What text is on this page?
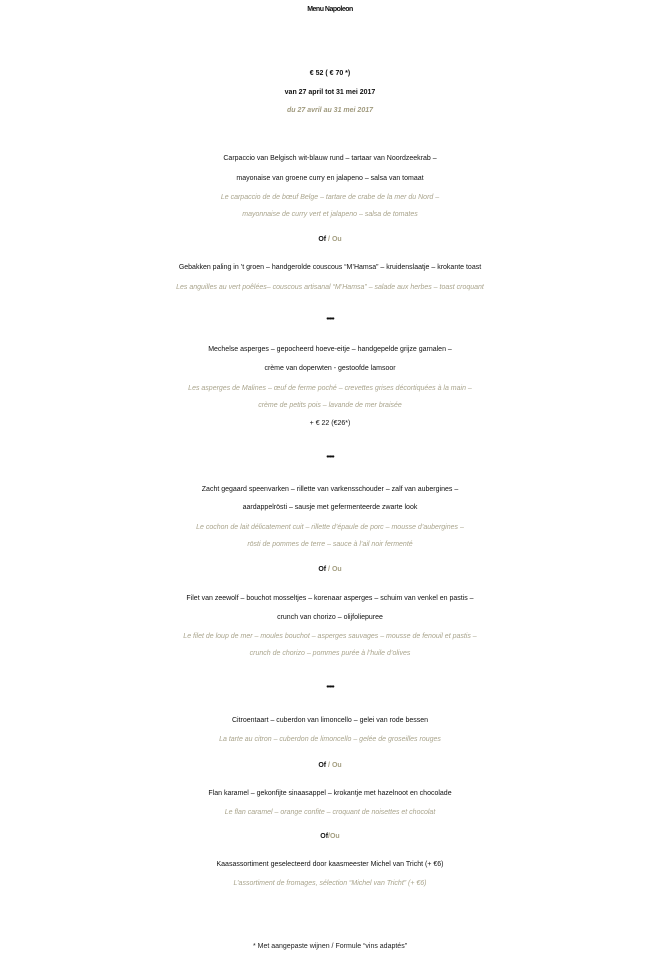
Menu Napoleon
€ 52 ( € 70 *)
van 27 april tot 31 mei 2017
du 27 avril au 31 mei 2017
Carpaccio van Belgisch wit-blauw rund – tartaar van Noordzeekrab –
mayonaise van groene curry en jalapeno – salsa van tomaat
Le carpaccio de de bœuf Belge – tartare de crabe de la mer du Nord –
mayonnaise de curry vert et jalapeno – salsa de tomates
Of / Ou
Gebakken paling in ’t groen – handgerolde couscous “M’Hamsa” – kruidenslaatje – krokante toast
Les anguilles au vert poêlées– couscous artisanal “M’Hamsa” – salade aux herbes – toast croquant
•••••
Mechelse asperges – gepocheerd hoeve-eitje – handgepelde grijze garnalen –
crème van doperwten - gestoofde lamsoor
Les asperges de Malines – œuf de ferme poché – crevettes grises décortiquées à la main –
crème de petits pois – lavande de mer braisée
+ € 22 (€26*)
•••••
Zacht gegaard speenvarken – rillette van varkensschouder – zalf van aubergines –
aardappelrösti – sausje met gefermenteerde zwarte look
Le cochon de lait délicatement cuit – rillette d’épaule de porc – mousse d’aubergines –
rösti de pommes de terre – sauce à l’ail noir fermenté
Of / Ou
Filet van zeewolf – bouchot mosseltjes – korenaar asperges – schuim van venkel en pastis –
crunch van chorizo – olijfoliepuree
Le filet de loup de mer – moules bouchot – asperges sauvages – mousse de fenouil et pastis –
crunch de chorizo – pommes purée à l’huile d’olives
•••••
Citroentaart – cuberdon van limoncello – gelei van rode bessen
La tarte au citron – cuberdon de limoncello – gelée de groseilles rouges
Of / Ou
Flan karamel – gekonfijte sinaasappel – krokantje met hazelnoot en chocolade
Le flan caramel – orange confite – croquant de noisettes et chocolat
Of/Ou
Kaasassortiment geselecteerd door kaasmeester Michel van Tricht (+ €6)
L’assortiment de fromages, sélection “Michel van Tricht” (+ €6)
* Met aangepaste wijnen / Formule “vins adaptés”
